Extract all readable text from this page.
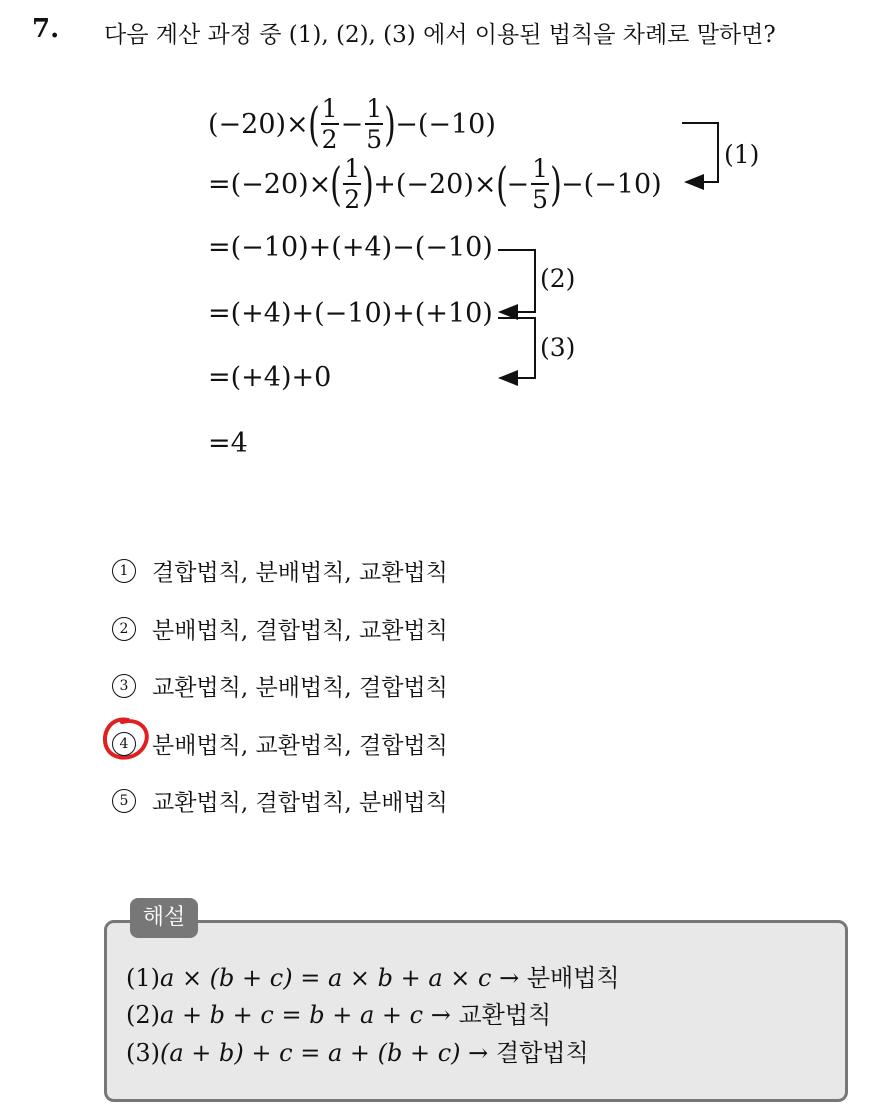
7. 다음 계산 과정 중 (1), (2), (3) 에서 이용된 법칙을 차례로 말하면?
(−20)× ( $\frac{1}{2} - \frac{1}{5}$ ) −(−10)
=(−20)× ( $\frac{1}{2}$ ) +(−20)× ( − $\frac{1}{5}$ ) −(−10)
=(−10)+(+4)−(−10)
=(+4)+(−10)+(+10)
=(+4)+0
=4
(1)
(2)
(3)
1	결합법칙, 분배법칙, 교환법칙
2	분배법칙, 결합법칙, 교환법칙
3	교환법칙, 분배법칙, 결합법칙
4	분배법칙, 교환법칙, 결합법칙
5	교환법칙, 결합법칙, 분배법칙
해설
(1)a × (b + c) = a × b + a × c → 분배법칙
(2)a + b + c = b + a + c → 교환법칙
(3)(a + b) + c = a + (b + c) → 결합법칙
